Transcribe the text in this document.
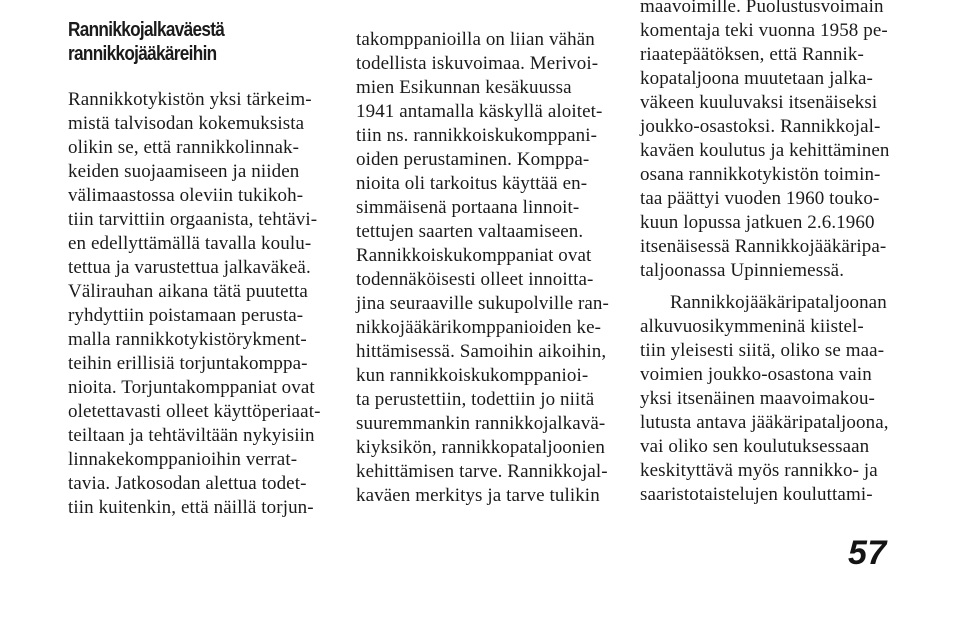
Rannikkojalkaväestä
rannikkojääkäreihin
Rannikkotykistön yksi tärkeim-
mistä talvisodan kokemuksista
olikin se, että rannikkolinnak-
keiden suojaamiseen ja niiden
välimaastossa oleviin tukikoh-
tiin tarvittiin orgaanista, tehtävi-
en edellyttämällä tavalla koulu-
tettua ja varustettua jalkaväkeä.
Välirauhan aikana tätä puutetta
ryhdyttiin poistamaan perusta-
malla rannikkotykistörykment-
teihin erillisiä torjuntakomppa-
nioita. Torjuntakomppaniat ovat
oletettavasti olleet käyttöperiaat-
teiltaan ja tehtäviltään nykyisiin
linnakekomppanioihin verrat-
tavia. Jatkosodan alettua todet-
tiin kuitenkin, että näillä torjun-
takomppanioilla on liian vähän
todellista iskuvoimaa. Merivoi-
mien Esikunnan kesäkuussa
1941 antamalla käskyllä aloitet-
tiin ns. rannikkoiskukomppani-
oiden perustaminen. Komppa-
nioita oli tarkoitus käyttää en-
simmäisenä portaana linnoit-
tettujen saarten valtaamiseen.
Rannikkoiskukomppaniat ovat
todennäköisesti olleet innoitta-
jina seuraaville sukupolville ran-
nikkojääkärikomppanioiden ke-
hittämisessä. Samoihin aikoihin,
kun rannikkoiskukomppanioi-
ta perustettiin, todettiin jo niitä
suuremmankin rannikkojalkavä-
kiyksikön, rannikkopataljoonien
kehittämisen tarve. Rannikkojal-
kaväen merkitys ja tarve tulikin
maavoimille. Puolustusvoimain
komentaja teki vuonna 1958 pe-
riaatepäätöksen, että Rannik-
kopataljoona muutetaan jalka-
väkeen kuuluvaksi itsenäiseksi
joukko-osastoksi. Rannikkojal-
kaväen koulutus ja kehittäminen
osana rannikkotykistön toimin-
taa päättyi vuoden 1960 touko-
kuun lopussa jatkuen 2.6.1960
itsenäisessä Rannikkojääkäripa-
taljoonassa Upinniemessä.
Rannikkojääkäripataljoonan
alkuvuosikymmeninä kiistel-
tiin yleisesti siitä, oliko se maa-
voimien joukko-osastona vain
yksi itsenäinen maavoimakou-
lutusta antava jääkäripataljoona,
vai oliko sen koulutuksessaan
keskityttävä myös rannikko- ja
saaristotaistelujen kouluttami-
57
